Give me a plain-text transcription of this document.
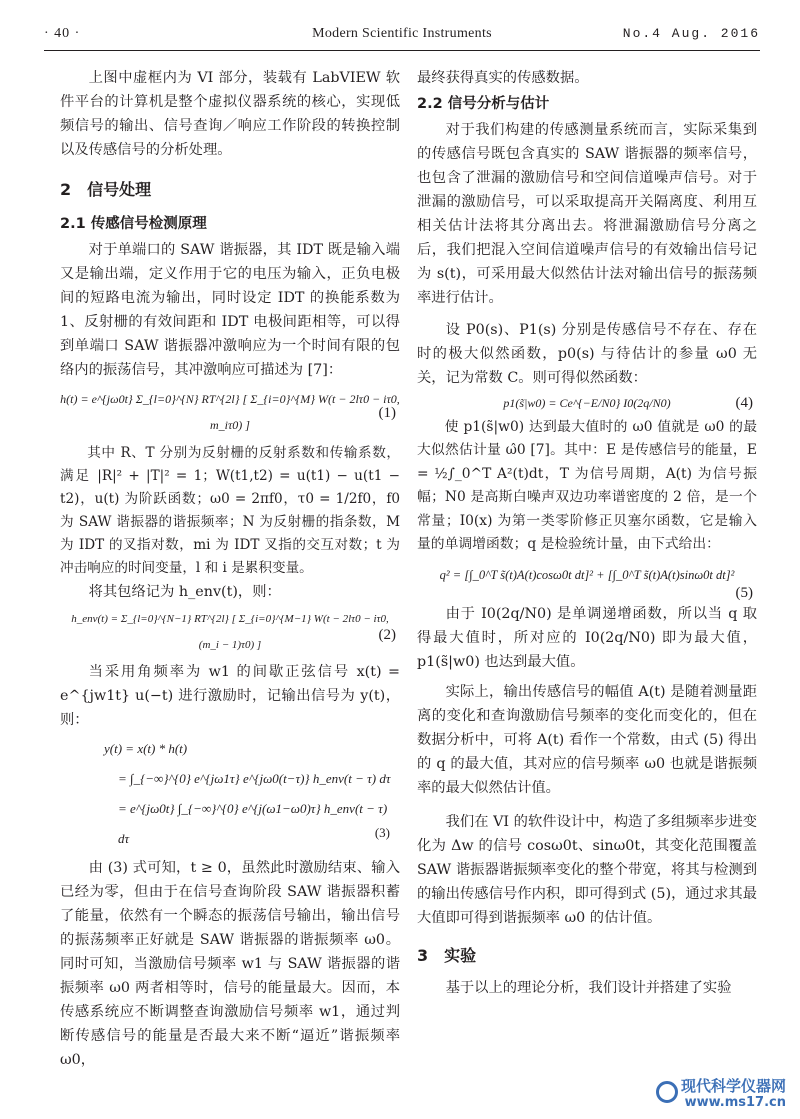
· 40 ·	Modern Scientific Instruments	No.4 Aug. 2016

上图中虚框内为 VI 部分，装载有 LabVIEW 软件平台的计算机是整个虚拟仪器系统的核心，实现低频信号的输出、信号查询／响应工作阶段的转换控制以及传感信号的分析处理。

2　信号处理
2.1 传感信号检测原理

对于单端口的 SAW 谐振器，其 IDT 既是输入端又是输出端，定义作用于它的电压为输入，正负电极间的短路电流为输出，同时设定 IDT 的换能系数为 1、反射栅的有效间距和 IDT 电极间距相等，可以得到单端口 SAW 谐振器冲激响应为一个时间有限的包络内的振荡信号，其冲激响应可描述为 [7]：

h(t) = e^{jω0t} Σ_{l=0}^{N} RT^{2l} [ Σ_{i=0}^{M} W(t − 2lτ0 − iτ0, m_iτ0) ]
(1)

其中 R、T 分别为反射栅的反射系数和传输系数，满足 |R|² + |T|² = 1；W(t1,t2) = u(t1) − u(t1 − t2)，u(t) 为阶跃函数；ω0 = 2πf0，τ0 = 1/2f0，f0 为 SAW 谐振器的谐振频率；N 为反射栅的指条数，M 为 IDT 的叉指对数，mi 为 IDT 叉指的交互对数；t 为冲击响应的时间变量，l 和 i 是累积变量。

将其包络记为 h_env(t)，则：

h_env(t) = Σ_{l=0}^{N−1} RT^{2l} [ Σ_{i=0}^{M−1} W(t − 2lτ0 − iτ0, (m_i − 1)τ0) ]
(2)

当采用角频率为 w1 的间歇正弦信号 x(t) = e^{jw1t} u(−t) 进行激励时，记输出信号为 y(t)，则：

y(t) = x(t) * h(t)
= ∫_{−∞}^{0} e^{jω1τ} e^{jω0(t−τ)} h_env(t − τ) dτ
= e^{jω0t} ∫_{−∞}^{0} e^{j(ω1−ω0)τ} h_env(t − τ) dτ	(3)

由 (3) 式可知，t ≥ 0，虽然此时激励结束、输入已经为零，但由于在信号查询阶段 SAW 谐振器积蓄了能量，依然有一个瞬态的振荡信号输出，输出信号的振荡频率正好就是 SAW 谐振器的谐振频率 ω0。同时可知，当激励信号频率 w1 与 SAW 谐振器的谐振频率 ω0 两者相等时，信号的能量最大。因而，本传感系统应不断调整查询激励信号频率 w1，通过判断传感信号的能量是否最大来不断“逼近”谐振频率 ω0，

最终获得真实的传感数据。

2.2 信号分析与估计

对于我们构建的传感测量系统而言，实际采集到的传感信号既包含真实的 SAW 谐振器的频率信号，也包含了泄漏的激励信号和空间信道噪声信号。对于泄漏的激励信号，可以采取提高开关隔离度、利用互相关估计法将其分离出去。将泄漏激励信号分离之后，我们把混入空间信道噪声信号的有效输出信号记为 s(t)，可采用最大似然估计法对输出信号的振荡频率进行估计。

设 P0(s)、P1(s) 分别是传感信号不存在、存在时的极大似然函数，p0(s) 与待估计的参量 ω0 无关，记为常数 C。则可得似然函数：

p1(s̃|w0) = Ce^{−E/N0} I0(2q/N0)	(4)

使 p1(s̃|w0) 达到最大值时的 ω0 值就是 ω0 的最大似然估计量 ω̂0 [7]。其中：E 是传感信号的能量，E = ½∫_0^T A²(t)dt，T 为信号周期，A(t) 为信号振幅；N0 是高斯白噪声双边功率谱密度的 2 倍，是一个常量；I0(x) 为第一类零阶修正贝塞尔函数，它是输入量的单调增函数；q 是检验统计量，由下式给出：

q² = [∫_0^T s̃(t)A(t)cosω0t dt]² + [∫_0^T s̃(t)A(t)sinω0t dt]²
(5)

由于 I0(2q/N0) 是单调递增函数，所以当 q 取得最大值时，所对应的 I0(2q/N0) 即为最大值，p1(s̃|w0) 也达到最大值。

实际上，输出传感信号的幅值 A(t) 是随着测量距离的变化和查询激励信号频率的变化而变化的，但在数据分析中，可将 A(t) 看作一个常数，由式 (5) 得出的 q 的最大值，其对应的信号频率 ω0 也就是谐振频率的最大似然估计值。

我们在 VI 的软件设计中，构造了多组频率步进变化为 Δw 的信号 cosω0t、sinω0t，其变化范围覆盖 SAW 谐振器谐振频率变化的整个带宽，将其与检测到的输出传感信号作内积，即可得到式 (5)，通过求其最大值即可得到谐振频率 ω0 的估计值。

3　实验

基于以上的理论分析，我们设计并搭建了实验

现代科学仪器网
www.ms17.cn
